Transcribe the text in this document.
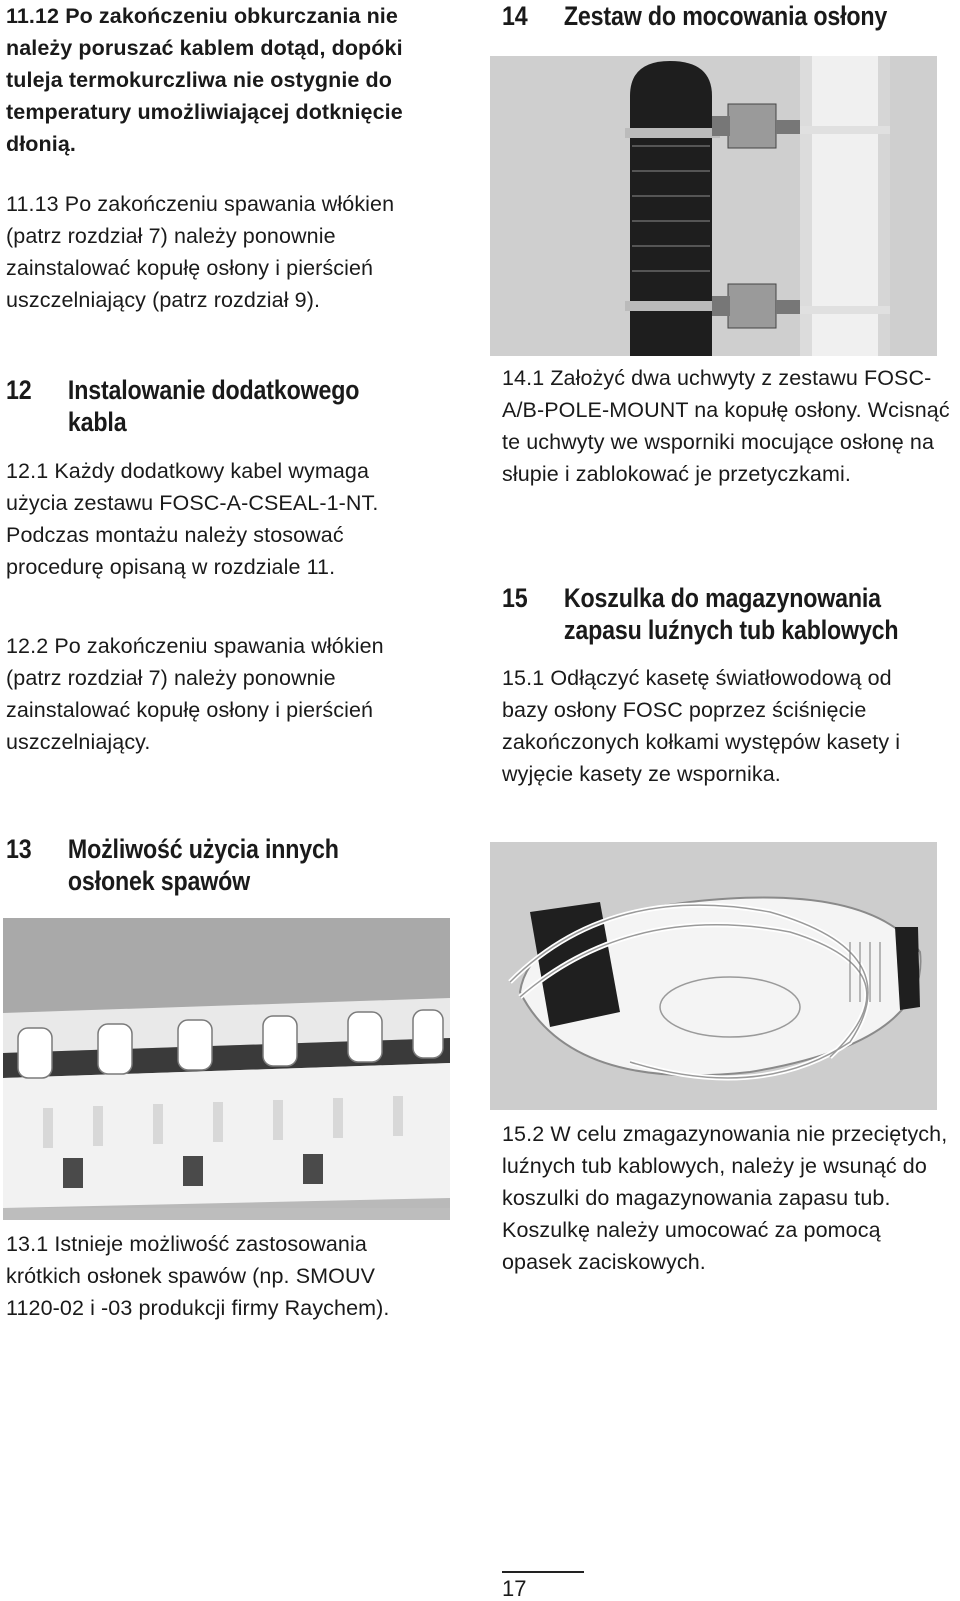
11.12 Po zakończeniu obkurczania nie należy poruszać kablem dotąd, dopóki tuleja termokurczliwa nie ostygnie do temperatury umożliwiającej dotknięcie dłonią.

11.13 Po zakończeniu spawania włókien (patrz rozdział 7) należy ponownie zainstalować kopułę osłony i pierścień uszczelniający (patrz rozdział 9).

12 Instalowanie dodatkowego
kabla

12.1 Każdy dodatkowy kabel wymaga użycia zestawu FOSC-A-CSEAL-1-NT. Podczas montażu należy stosować procedurę opisaną w rozdziale 11.

12.2 Po zakończeniu spawania włókien (patrz rozdział 7) należy ponownie zainstalować kopułę osłony i pierścień uszczelniający.

13 Możliwość użycia innych
osłonek spawów

13.1 Istnieje możliwość zastosowania krótkich osłonek spawów (np. SMOUV 1120-02 i -03 produkcji firmy Raychem).

14 Zestaw do mocowania osłony

14.1 Założyć dwa uchwyty z zestawu FOSC-A/B-POLE-MOUNT na kopułę osłony. Wcisnąć te uchwyty we wsporniki mocujące osłonę na słupie i zablokować je przetyczkami.

15 Koszulka do magazynowania
zapasu luźnych tub kablowych

15.1 Odłączyć kasetę światłowodową od bazy osłony FOSC poprzez ściśnięcie zakończonych kołkami występów kasety i wyjęcie kasety ze wspornika.

15.2 W celu zmagazynowania nie przeciętych, luźnych tub kablowych, należy je wsunąć do koszulki do magazynowania zapasu tub. Koszulkę należy umocować za pomocą opasek zaciskowych.

17
